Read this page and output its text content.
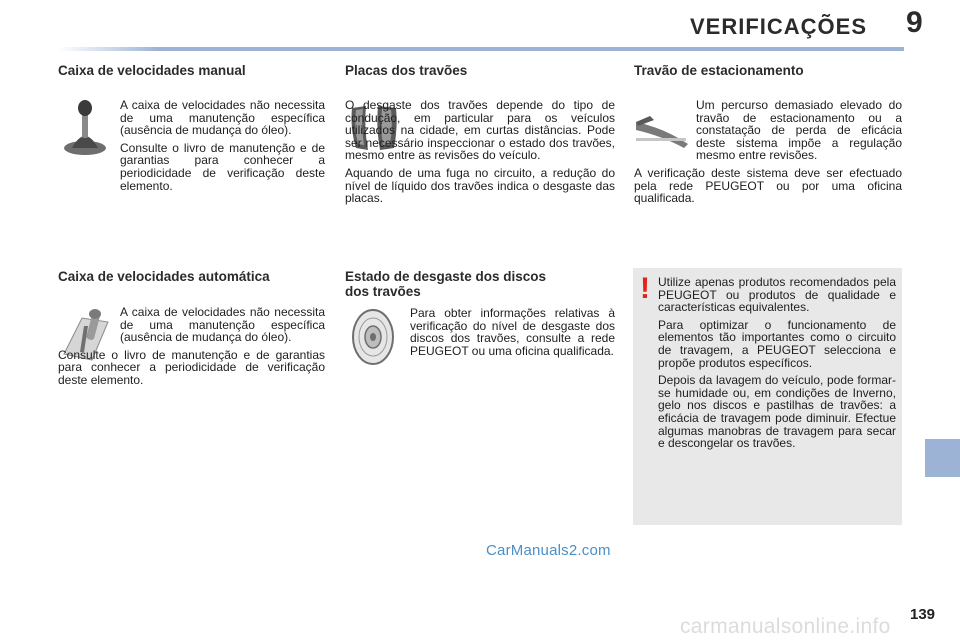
VERIFICAÇÕES 9
Caixa de velocidades manual

A caixa de velocidades não necessita de uma manutenção específica (ausência de mudança do óleo).

Consulte o livro de manutenção e de garantias para conhecer a periodicidade de verificação deste elemento.

Caixa de velocidades automática

A caixa de velocidades não necessita de uma manutenção específica (ausência de mudança do óleo).

Consulte o livro de manutenção e de garantias para conhecer a periodicidade de verificação deste elemento.

Placas dos travões

O desgaste dos travões depende do tipo de condução, em particular para os veículos utilizados na cidade, em curtas distâncias. Pode ser necessário inspeccionar o estado dos travões, mesmo entre as revisões do veículo.

Aquando de uma fuga no circuito, a redução do nível de líquido dos travões indica o desgaste das placas.

Estado de desgaste dos discos
dos travões

Para obter informações relativas à verificação do nível de desgaste dos discos dos travões, consulte a rede PEUGEOT ou uma oficina qualificada.

Travão de estacionamento

Um percurso demasiado elevado do travão de estacionamento ou a constatação de perda de eficácia deste sistema impõe a regulação mesmo entre revisões.

A verificação deste sistema deve ser efectuado pela rede PEUGEOT ou por uma oficina qualificada.

! Utilize apenas produtos recomendados pela PEUGEOT ou produtos de qualidade e características equivalentes.

Para optimizar o funcionamento de elementos tão importantes como o circuito de travagem, a PEUGEOT selecciona e propõe produtos específicos.

Depois da lavagem do veículo, pode formar-se humidade ou, em condições de Inverno, gelo nos discos e pastilhas de travões: a eficácia de travagem pode diminuir. Efectue algumas manobras de travagem para secar e descongelar os travões.

CarManuals2.com
139
carmanualsonline.info
